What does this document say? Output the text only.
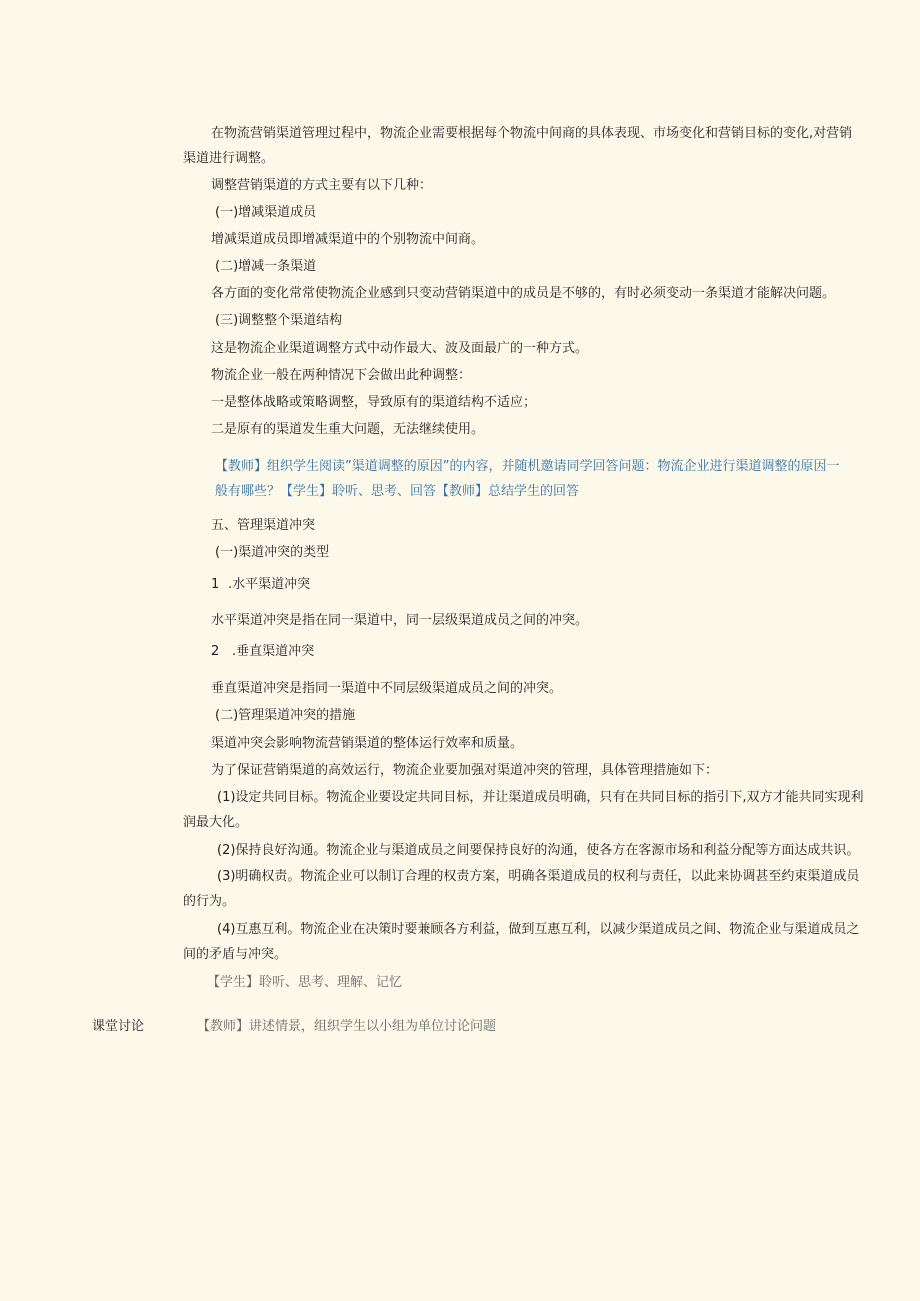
在物流营销渠道管理过程中，物流企业需要根据每个物流中间商的具体表现、市场变化和营销目标的变化,对营销
渠道进行调整。
调整营销渠道的方式主要有以下几种：
(一)增减渠道成员
增减渠道成员即增减渠道中的个别物流中间商。
(二)增减一条渠道
各方面的变化常常使物流企业感到只变动营销渠道中的成员是不够的，有时必须变动一条渠道才能解决问题。
(三)调整整个渠道结构
这是物流企业渠道调整方式中动作最大、波及面最广的一种方式。
物流企业一般在两种情况下会做出此种调整：
一是整体战略或策略调整，导致原有的渠道结构不适应；
二是原有的渠道发生重大问题，无法继续使用。
【教师】组织学生阅读”渠道调整的原因”的内容，并随机邀请同学回答问题：物流企业进行渠道调整的原因一
般有哪些？【学生】聆听、思考、回答【教师】总结学生的回答
五、管理渠道冲突
(一)渠道冲突的类型
1 .水平渠道冲突
水平渠道冲突是指在同一渠道中，同一层级渠道成员之间的冲突。
2 .垂直渠道冲突
垂直渠道冲突是指同一渠道中不同层级渠道成员之间的冲突。
(二)管理渠道冲突的措施
渠道冲突会影响物流营销渠道的整体运行效率和质量。
为了保证营销渠道的高效运行，物流企业要加强对渠道冲突的管理，具体管理措施如下：
(1)设定共同目标。物流企业要设定共同目标，并让渠道成员明确，只有在共同目标的指引下,双方才能共同实现利
润最大化。
(2)保持良好沟通。物流企业与渠道成员之间要保持良好的沟通，使各方在客源市场和利益分配等方面达成共识。
(3)明确权责。物流企业可以制订合理的权责方案，明确各渠道成员的权利与责任，以此来协调甚至约束渠道成员
的行为。
(4)互惠互利。物流企业在决策时要兼顾各方利益，做到互惠互利，以减少渠道成员之间、物流企业与渠道成员之
间的矛盾与冲突。
【学生】聆听、思考、理解、记忆
课堂讨论	【教师】讲述情景，组织学生以小组为单位讨论问题
